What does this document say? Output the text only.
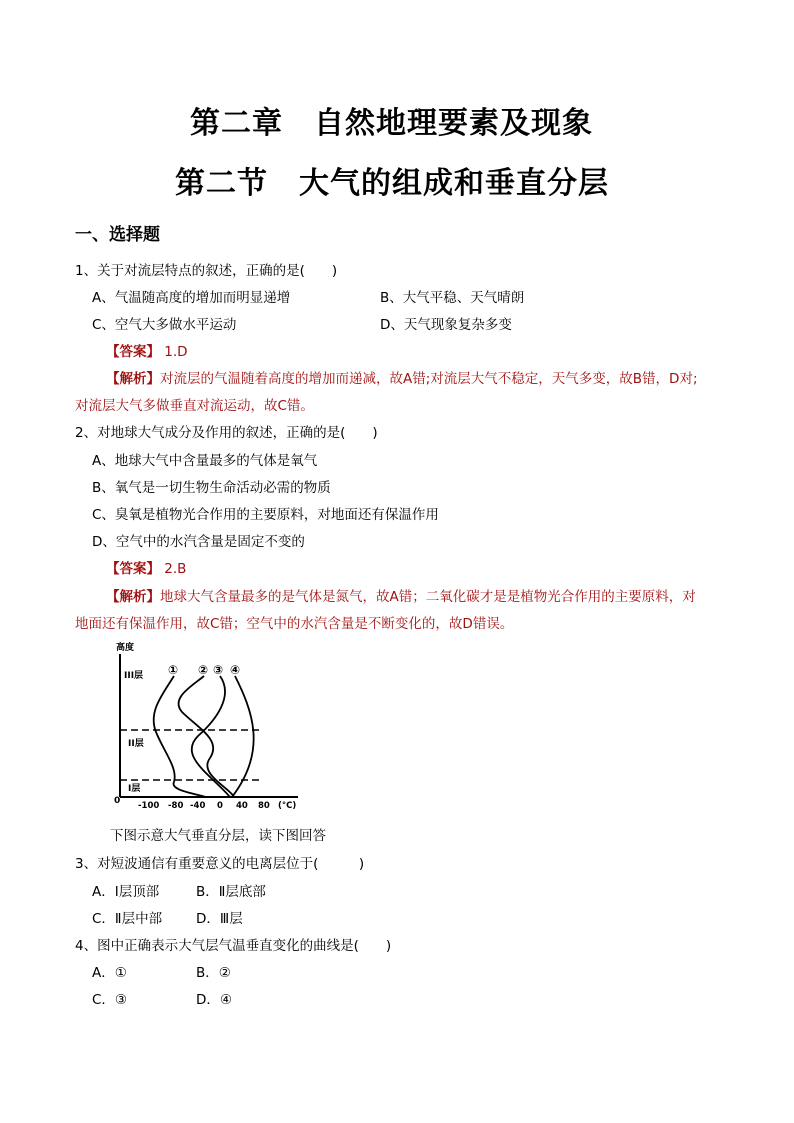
第二章　自然地理要素及现象
第二节　大气的组成和垂直分层
一、选择题
1、关于对流层特点的叙述，正确的是(　　)
A、气温随高度的增加而明显递增	B、大气平稳、天气晴朗
C、空气大多做水平运动	D、天气现象复杂多变
【答案】 1.D
【解析】对流层的气温随着高度的增加而递减，故A错;对流层大气不稳定，天气多变，故B错，D对;
对流层大气多做垂直对流运动，故C错。
2、对地球大气成分及作用的叙述，正确的是(　　)
A、地球大气中含量最多的气体是氧气
B、氧气是一切生物生命活动必需的物质
C、臭氧是植物光合作用的主要原料，对地面还有保温作用
D、空气中的水汽含量是固定不变的
【答案】 2.B
【解析】地球大气含量最多的是气体是氮气，故A错；二氧化碳才是是植物光合作用的主要原料，对
地面还有保温作用，故C错；空气中的水汽含量是不断变化的，故D错误。
高度
III层
II层
I层
0
① ② ③ ④
-100 -80 -40 0 40 80 (°C)
下图示意大气垂直分层，读下图回答
3、对短波通信有重要意义的电离层位于(　　　)
A．Ⅰ层顶部	B．Ⅱ层底部
C．Ⅱ层中部	D．Ⅲ层
4、图中正确表示大气层气温垂直变化的曲线是(　　)
A．①	B．②
C．③	D．④
